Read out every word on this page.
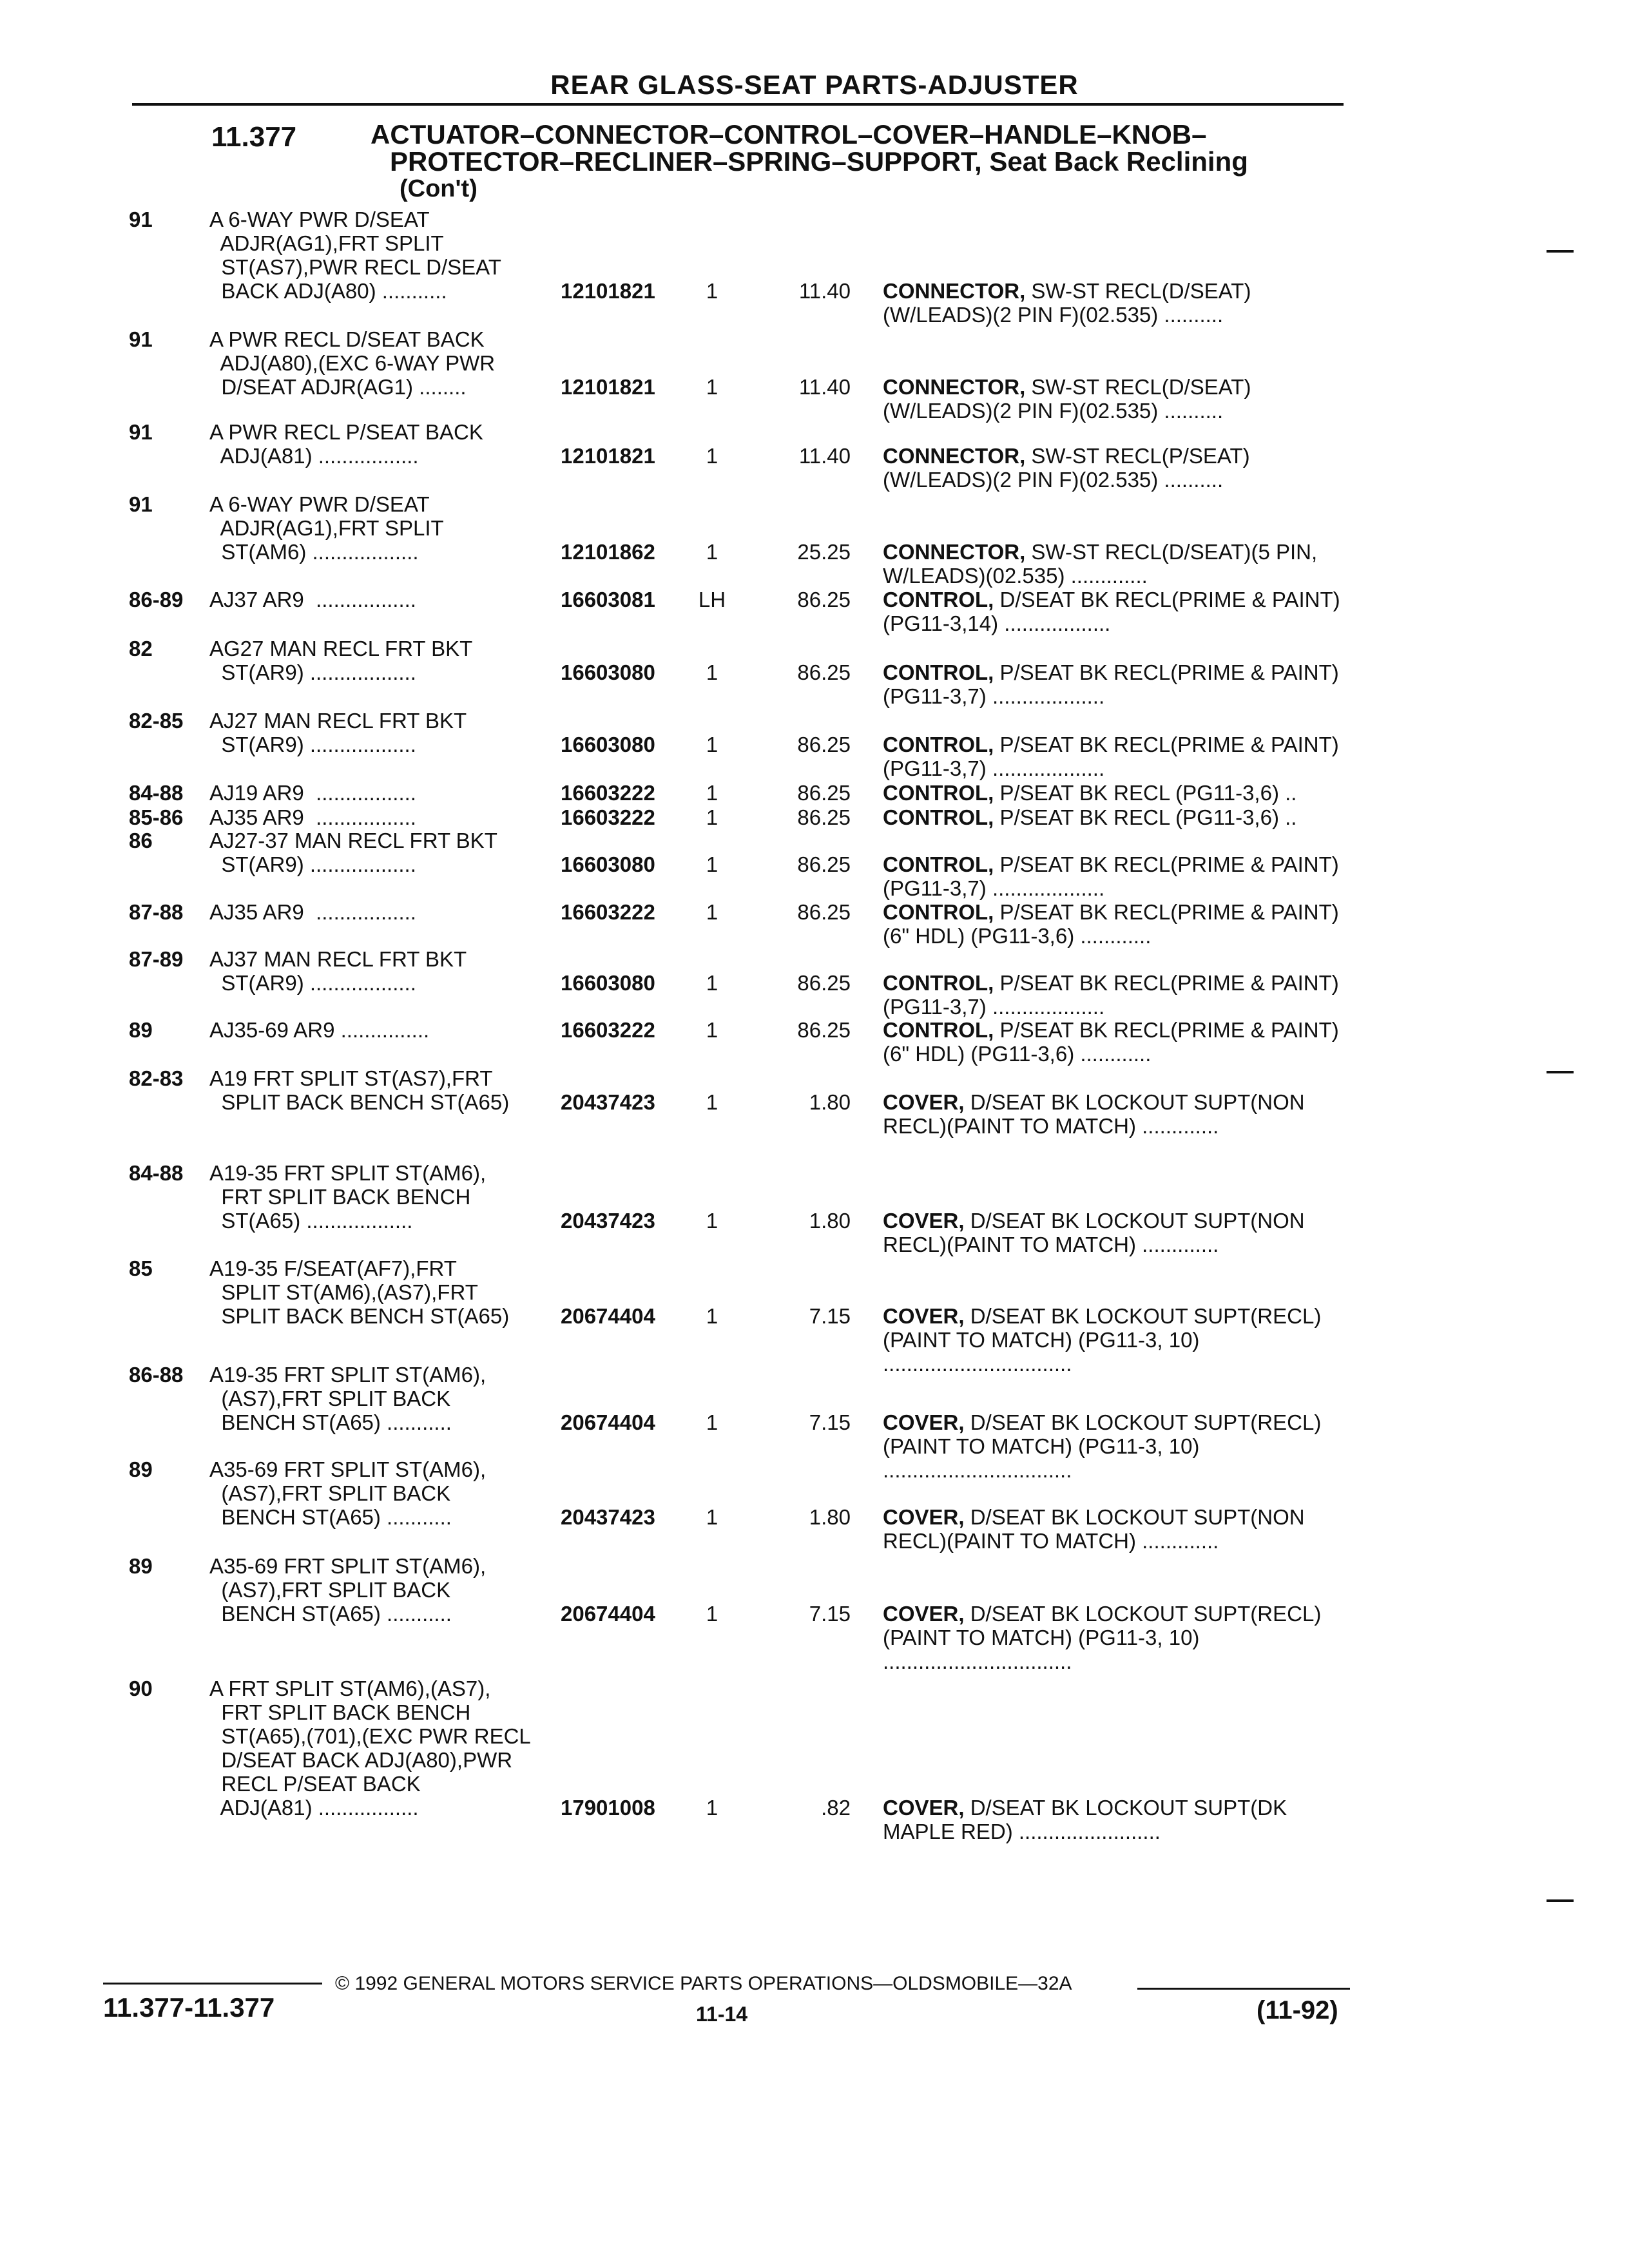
REAR GLASS-SEAT PARTS-ADJUSTER
11.377	ACTUATOR–CONNECTOR–CONTROL–COVER–HANDLE–KNOB–
PROTECTOR–RECLINER–SPRING–SUPPORT, Seat Back Reclining
(Con't)
91	A 6-WAY PWR D/SEAT
ADJR(AG1),FRT SPLIT
ST(AS7),PWR RECL D/SEAT
BACK ADJ(A80) ...........	12101821	1	11.40 CONNECTOR, SW-ST RECL(D/SEAT) (W/LEADS)(2 PIN F)(02.535) ..........
91	A PWR RECL D/SEAT BACK
ADJ(A80),(EXC 6-WAY PWR
D/SEAT ADJR(AG1) ........	12101821	1	11.40 CONNECTOR, SW-ST RECL(D/SEAT) (W/LEADS)(2 PIN F)(02.535) ..........
91	A PWR RECL P/SEAT BACK
ADJ(A81) .................	12101821	1	11.40 CONNECTOR, SW-ST RECL(P/SEAT) (W/LEADS)(2 PIN F)(02.535) ..........
91	A 6-WAY PWR D/SEAT
ADJR(AG1),FRT SPLIT
ST(AM6) ..................	12101862	1	25.25 CONNECTOR, SW-ST RECL(D/SEAT)(5 PIN, W/LEADS)(02.535) .............
86-89 AJ37 AR9  .................	16603081 LH	86.25 CONTROL, D/SEAT BK RECL(PRIME & PAINT) (PG11-3,14) ..................
82	AG27 MAN RECL FRT BKT
ST(AR9) ..................	16603080	1	86.25 CONTROL, P/SEAT BK RECL(PRIME & PAINT) (PG11-3,7) ...................
82-85 AJ27 MAN RECL FRT BKT
ST(AR9) ..................	16603080	1	86.25 CONTROL, P/SEAT BK RECL(PRIME & PAINT) (PG11-3,7) ...................
84-88 AJ19 AR9  .................	16603222	1	86.25 CONTROL, P/SEAT BK RECL (PG11-3,6) ..
85-86 AJ35 AR9  .................	16603222	1	86.25 CONTROL, P/SEAT BK RECL (PG11-3,6) ..
86	AJ27-37 MAN RECL FRT BKT
ST(AR9) ..................	16603080	1	86.25 CONTROL, P/SEAT BK RECL(PRIME & PAINT) (PG11-3,7) ...................
87-88 AJ35 AR9  .................	16603222	1	86.25 CONTROL, P/SEAT BK RECL(PRIME & PAINT)(6" HDL) (PG11-3,6) ............
87-89 AJ37 MAN RECL FRT BKT
ST(AR9) ..................	16603080	1	86.25 CONTROL, P/SEAT BK RECL(PRIME & PAINT) (PG11-3,7) ...................
89	AJ35-69 AR9 ...............	16603222	1	86.25 CONTROL, P/SEAT BK RECL(PRIME & PAINT)(6" HDL) (PG11-3,6) ............
82-83 A19 FRT SPLIT ST(AS7),FRT
SPLIT BACK BENCH ST(A65) 20437423	1	1.80 COVER, D/SEAT BK LOCKOUT SUPT(NON RECL)(PAINT TO MATCH) .............
84-88 A19-35 FRT SPLIT ST(AM6),
FRT SPLIT BACK BENCH
ST(A65) ..................	20437423	1	1.80 COVER, D/SEAT BK LOCKOUT SUPT(NON RECL)(PAINT TO MATCH) .............
85	A19-35 F/SEAT(AF7),FRT
SPLIT ST(AM6),(AS7),FRT
SPLIT BACK BENCH ST(A65) 20674404	1	7.15 COVER, D/SEAT BK LOCKOUT SUPT(RECL)(PAINT TO MATCH) (PG11-3, 10) ................................
86-88 A19-35 FRT SPLIT ST(AM6),
(AS7),FRT SPLIT BACK
BENCH ST(A65) ...........	20674404	1	7.15 COVER, D/SEAT BK LOCKOUT SUPT(RECL)(PAINT TO MATCH) (PG11-3, 10) ................................
89	A35-69 FRT SPLIT ST(AM6),
(AS7),FRT SPLIT BACK
BENCH ST(A65) ...........	20437423	1	1.80 COVER, D/SEAT BK LOCKOUT SUPT(NON RECL)(PAINT TO MATCH) .............
89	A35-69 FRT SPLIT ST(AM6),
(AS7),FRT SPLIT BACK
BENCH ST(A65) ...........	20674404	1	7.15 COVER, D/SEAT BK LOCKOUT SUPT(RECL)(PAINT TO MATCH) (PG11-3, 10) ................................
90	A FRT SPLIT ST(AM6),(AS7),
FRT SPLIT BACK BENCH
ST(A65),(701),(EXC PWR RECL
D/SEAT BACK ADJ(A80),PWR
RECL P/SEAT BACK
ADJ(A81) .................	17901008	1	.82 COVER, D/SEAT BK LOCKOUT SUPT(DK MAPLE RED) ........................
© 1992 GENERAL MOTORS SERVICE PARTS OPERATIONS—OLDSMOBILE—32A
11.377-11.377	11-14	(11-92)
